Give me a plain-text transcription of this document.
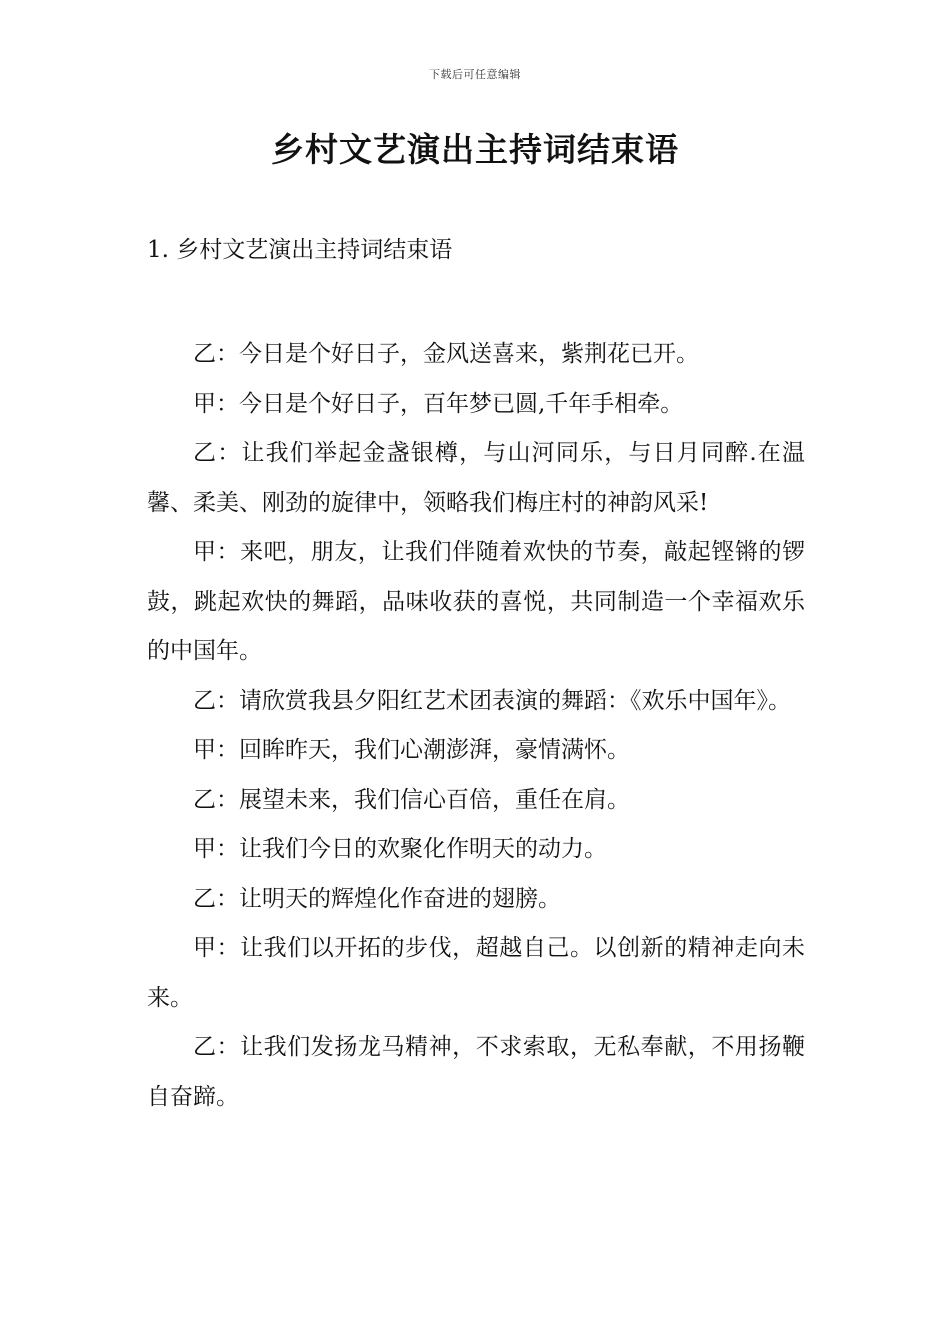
下载后可任意编辑
乡村文艺演出主持词结束语
1. 乡村文艺演出主持词结束语

乙：今日是个好日子，金风送喜来，紫荆花已开。

甲：今日是个好日子，百年梦已圆,千年手相牵。

乙：让我们举起金盏银樽，与山河同乐，与日月同醉.在温馨、柔美、刚劲的旋律中，领略我们梅庄村的神韵风采!

甲：来吧，朋友，让我们伴随着欢快的节奏，敲起铿锵的锣鼓，跳起欢快的舞蹈，品味收获的喜悦，共同制造一个幸福欢乐的中国年。

乙：请欣赏我县夕阳红艺术团表演的舞蹈：《欢乐中国年》。

甲：回眸昨天，我们心潮澎湃，豪情满怀。

乙：展望未来，我们信心百倍，重任在肩。

甲：让我们今日的欢聚化作明天的动力。

乙：让明天的辉煌化作奋进的翅膀。

甲：让我们以开拓的步伐，超越自己。以创新的精神走向未来。

乙：让我们发扬龙马精神，不求索取，无私奉献，不用扬鞭自奋蹄。
